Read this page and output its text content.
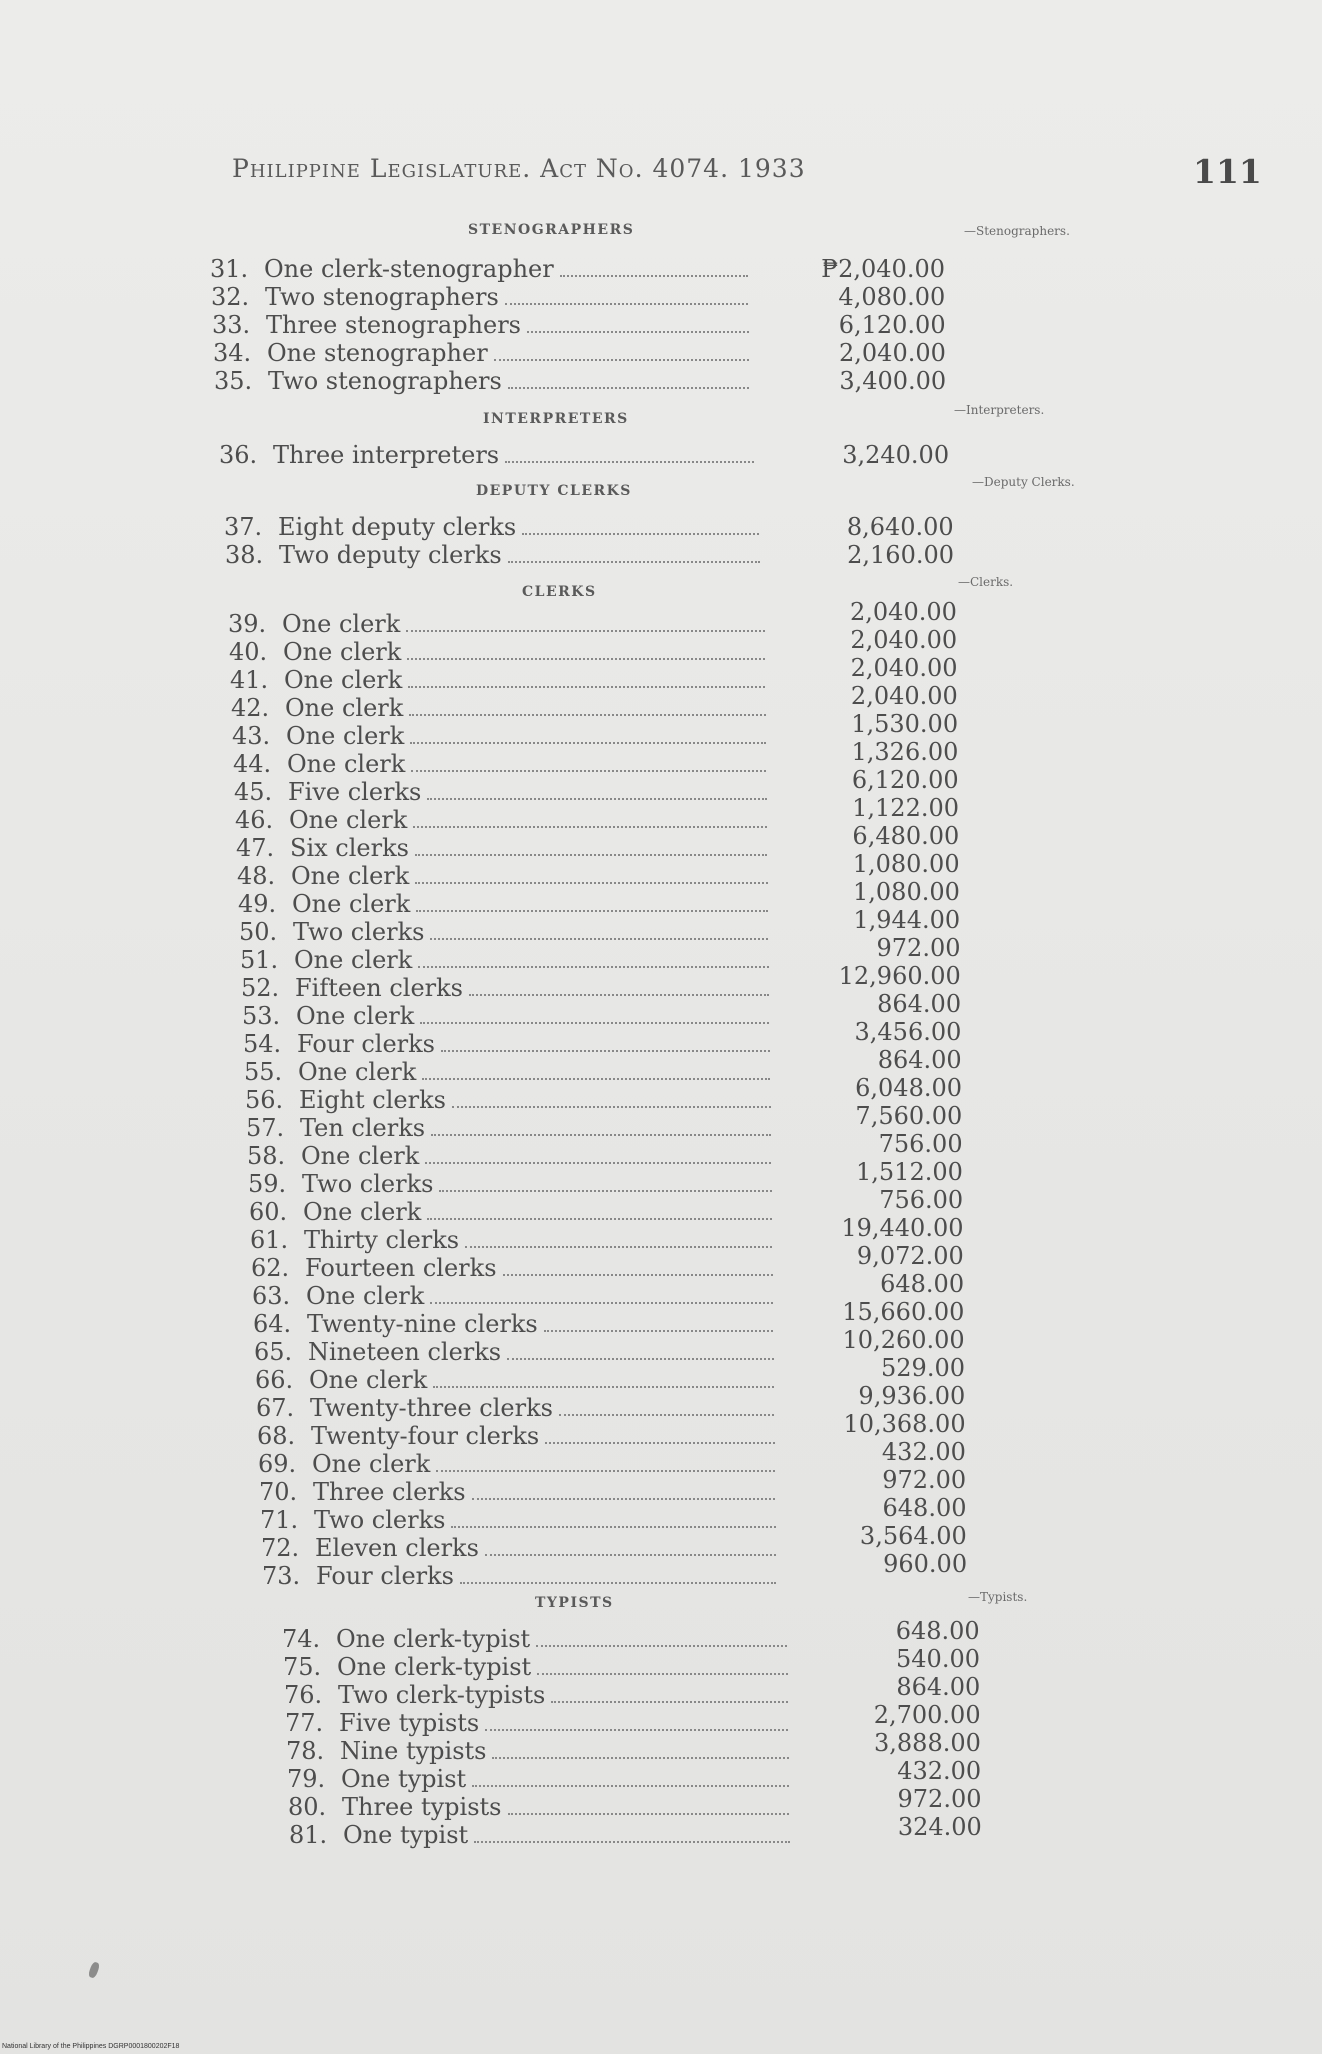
Philippine Legislature. Act No. 4074. 1933	111
STENOGRAPHERS	—Stenographers.
31. One clerk-stenographer	₱2,040.00
32. Two stenographers	4,080.00
33. Three stenographers	6,120.00
34. One stenographer	2,040.00
35. Two stenographers	3,400.00
INTERPRETERS
—Interpreters.
36. Three interpreters	3,240.00
DEPUTY CLERKS
—Deputy Clerks.
37. Eight deputy clerks	8,640.00
38. Two deputy clerks	2,160.00
CLERKS
—Clerks.
39. One clerk	2,040.00
40. One clerk	2,040.00
41. One clerk	2,040.00
42. One clerk	2,040.00
43. One clerk	1,530.00
44. One clerk	1,326.00
45. Five clerks	6,120.00
46. One clerk	1,122.00
47. Six clerks	6,480.00
48. One clerk	1,080.00
49. One clerk	1,080.00
50. Two clerks	1,944.00
51. One clerk	972.00
52. Fifteen clerks	12,960.00
53. One clerk	864.00
54. Four clerks	3,456.00
55. One clerk	864.00
56. Eight clerks	6,048.00
57. Ten clerks	7,560.00
58. One clerk	756.00
59. Two clerks	1,512.00
60. One clerk	756.00
61. Thirty clerks	19,440.00
62. Fourteen clerks	9,072.00
63. One clerk	648.00
64. Twenty-nine clerks	15,660.00
65. Nineteen clerks	10,260.00
66. One clerk	529.00
67. Twenty-three clerks	9,936.00
68. Twenty-four clerks	10,368.00
69. One clerk	432.00
70. Three clerks	972.00
71. Two clerks	648.00
72. Eleven clerks	3,564.00
73. Four clerks	960.00
TYPISTS	—Typists.
74. One clerk-typist	648.00
75. One clerk-typist	540.00
76. Two clerk-typists	864.00
77. Five typists	2,700.00
78. Nine typists	3,888.00
79. One typist	432.00
80. Three typists	972.00
81. One typist	324.00
National Library of the Philippines DGRP0001800202F18
